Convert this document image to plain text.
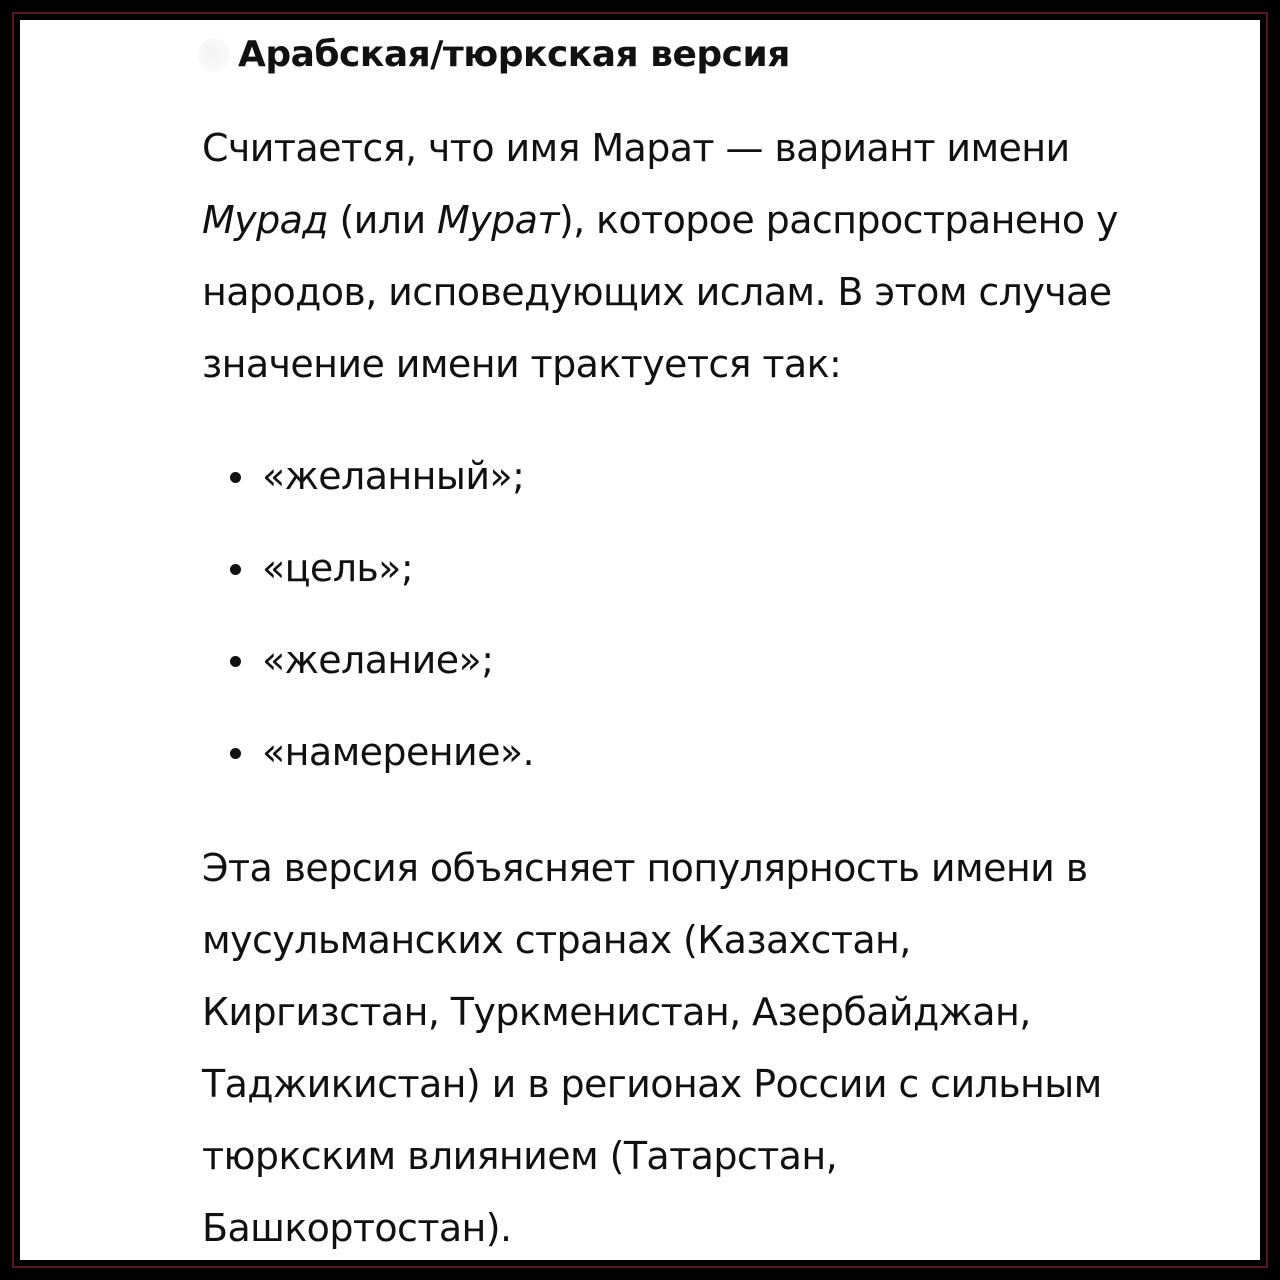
Арабская/тюркская версия

Считается, что имя Марат — вариант имени Мурад (или Мурат), которое распространено у народов, исповедующих ислам. В этом случае значение имени трактуется так:

«желанный»;
«цель»;
«желание»;
«намерение».

Эта версия объясняет популярность имени в мусульманских странах (Казахстан, Киргизстан, Туркменистан, Азербайджан, Таджикистан) и в регионах России с сильным тюркским влиянием (Татарстан, Башкортостан).
